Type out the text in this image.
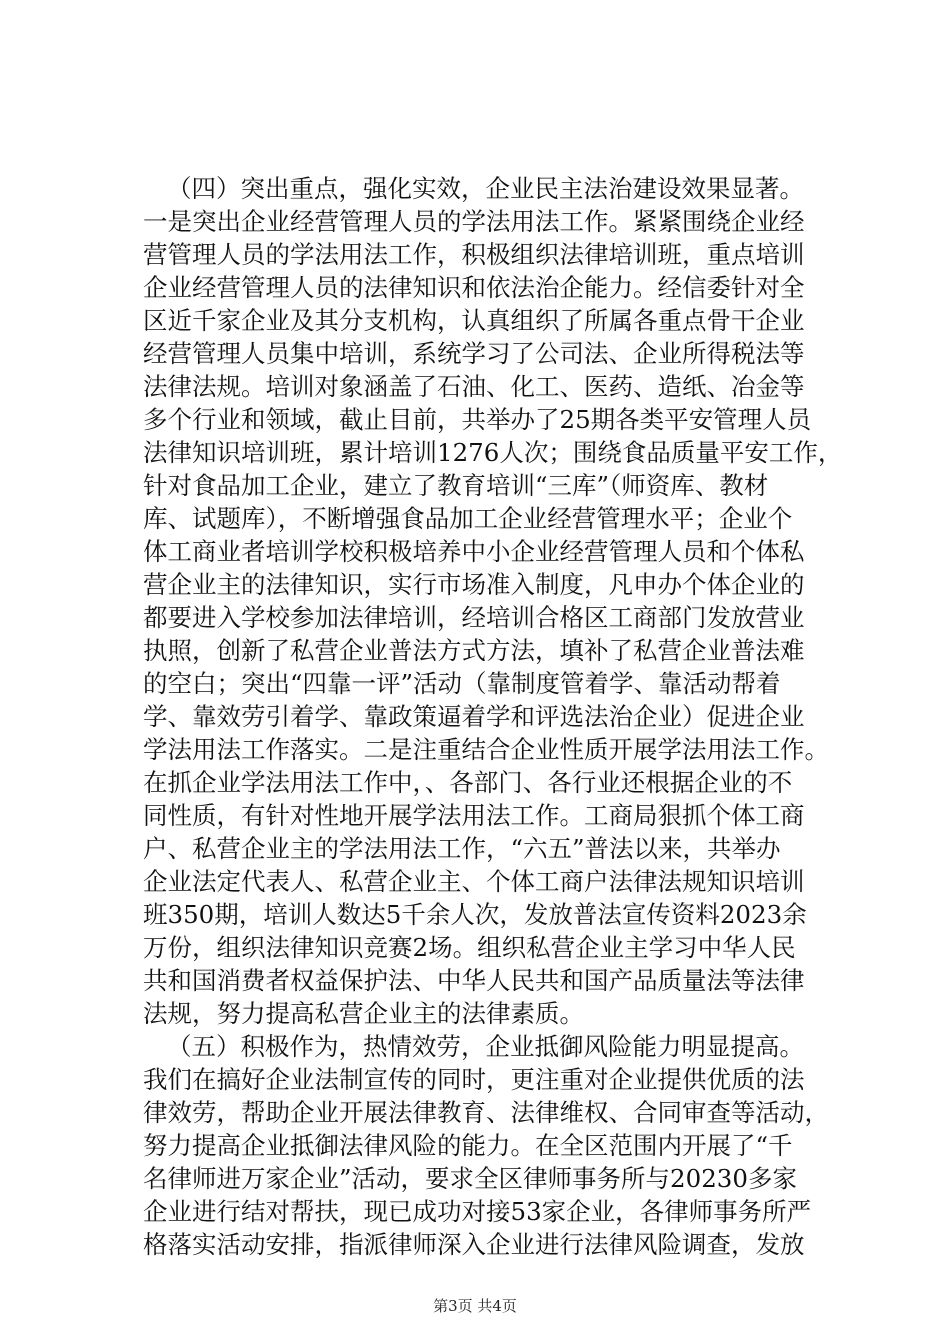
（四）突出重点，强化实效，企业民主法治建设效果显著。
一是突出企业经营管理人员的学法用法工作。紧紧围绕企业经
营管理人员的学法用法工作，积极组织法律培训班，重点培训
企业经营管理人员的法律知识和依法治企能力。经信委针对全
区近千家企业及其分支机构，认真组织了所属各重点骨干企业
经营管理人员集中培训，系统学习了公司法、企业所得税法等
法律法规。培训对象涵盖了石油、化工、医药、造纸、冶金等
多个行业和领域，截止目前，共举办了25期各类平安管理人员
法律知识培训班，累计培训1276人次；围绕食品质量平安工作，
针对食品加工企业，建立了教育培训“三库”（师资库、教材
库、试题库），不断增强食品加工企业经营管理水平；企业个
体工商业者培训学校积极培养中小企业经营管理人员和个体私
营企业主的法律知识，实行市场准入制度，凡申办个体企业的
都要进入学校参加法律培训，经培训合格区工商部门发放营业
执照，创新了私营企业普法方式方法，填补了私营企业普法难
的空白；突出“四靠一评”活动（靠制度管着学、靠活动帮着
学、靠效劳引着学、靠政策逼着学和评选法治企业）促进企业
学法用法工作落实。二是注重结合企业性质开展学法用法工作。
在抓企业学法用法工作中，、各部门、各行业还根据企业的不
同性质，有针对性地开展学法用法工作。工商局狠抓个体工商
户、私营企业主的学法用法工作，“六五”普法以来，共举办
企业法定代表人、私营企业主、个体工商户法律法规知识培训
班350期，培训人数达5千余人次，发放普法宣传资料2023余
万份，组织法律知识竞赛2场。组织私营企业主学习中华人民
共和国消费者权益保护法、中华人民共和国产品质量法等法律
法规，努力提高私营企业主的法律素质。
（五）积极作为，热情效劳，企业抵御风险能力明显提高。
我们在搞好企业法制宣传的同时，更注重对企业提供优质的法
律效劳，帮助企业开展法律教育、法律维权、合同审查等活动，
努力提高企业抵御法律风险的能力。在全区范围内开展了“千
名律师进万家企业”活动，要求全区律师事务所与20230多家
企业进行结对帮扶，现已成功对接53家企业，各律师事务所严
格落实活动安排，指派律师深入企业进行法律风险调查，发放
第3页 共4页
